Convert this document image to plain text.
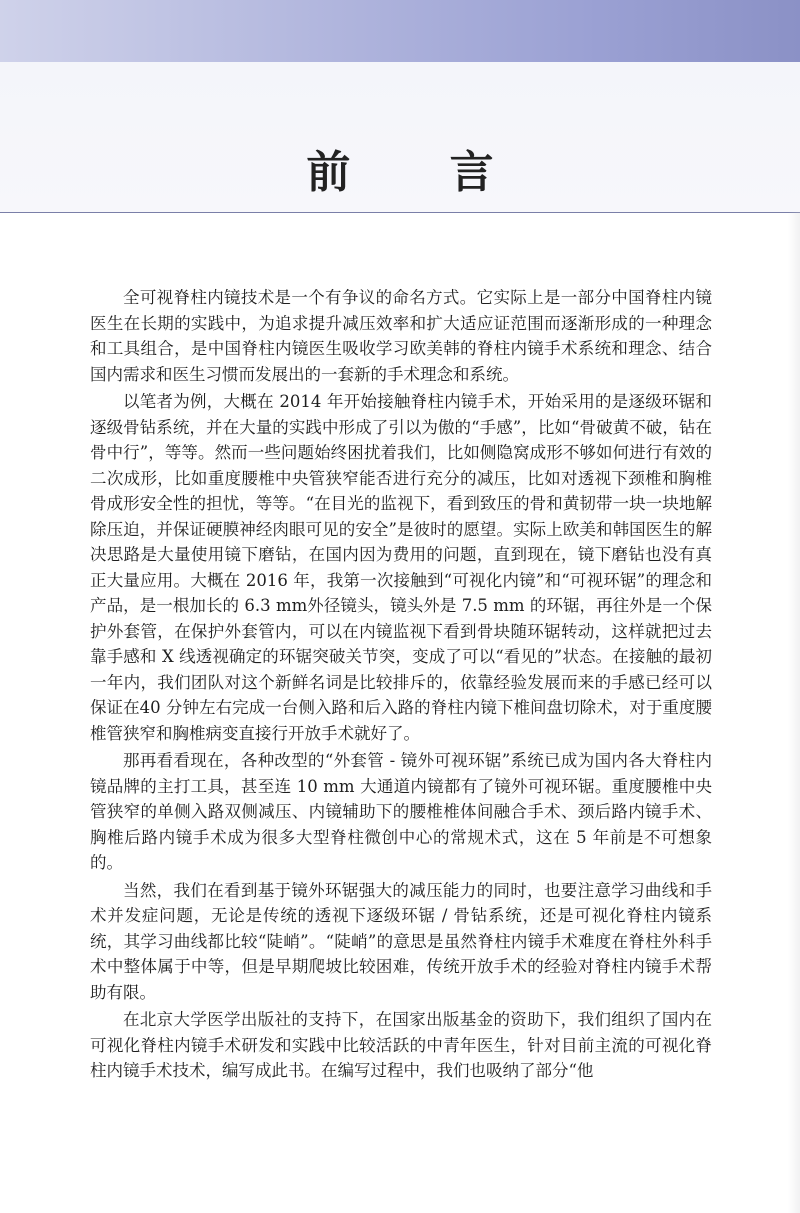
前 言

全可视脊柱内镜技术是一个有争议的命名方式。它实际上是一部分中国脊柱内镜医生在长期的实践中，为追求提升减压效率和扩大适应证范围而逐渐形成的一种理念和工具组合，是中国脊柱内镜医生吸收学习欧美韩的脊柱内镜手术系统和理念、结合国内需求和医生习惯而发展出的一套新的手术理念和系统。

以笔者为例，大概在 2014 年开始接触脊柱内镜手术，开始采用的是逐级环锯和逐级骨钻系统，并在大量的实践中形成了引以为傲的“手感”，比如“骨破黄不破，钻在骨中行”，等等。然而一些问题始终困扰着我们，比如侧隐窝成形不够如何进行有效的二次成形，比如重度腰椎中央管狭窄能否进行充分的减压，比如对透视下颈椎和胸椎骨成形安全性的担忧，等等。“在目光的监视下，看到致压的骨和黄韧带一块一块地解除压迫，并保证硬膜神经肉眼可见的安全”是彼时的愿望。实际上欧美和韩国医生的解决思路是大量使用镜下磨钻，在国内因为费用的问题，直到现在，镜下磨钻也没有真正大量应用。大概在 2016 年，我第一次接触到“可视化内镜”和“可视环锯”的理念和产品，是一根加长的 6.3 mm外径镜头，镜头外是 7.5 mm 的环锯，再往外是一个保护外套管，在保护外套管内，可以在内镜监视下看到骨块随环锯转动，这样就把过去靠手感和 X 线透视确定的环锯突破关节突，变成了可以“看见的”状态。在接触的最初一年内，我们团队对这个新鲜名词是比较排斥的，依靠经验发展而来的手感已经可以保证在40 分钟左右完成一台侧入路和后入路的脊柱内镜下椎间盘切除术，对于重度腰椎管狭窄和胸椎病变直接行开放手术就好了。

那再看看现在，各种改型的“外套管 - 镜外可视环锯”系统已成为国内各大脊柱内镜品牌的主打工具，甚至连 10 mm 大通道内镜都有了镜外可视环锯。重度腰椎中央管狭窄的单侧入路双侧减压、内镜辅助下的腰椎椎体间融合手术、颈后路内镜手术、胸椎后路内镜手术成为很多大型脊柱微创中心的常规术式，这在 5 年前是不可想象的。

当然，我们在看到基于镜外环锯强大的减压能力的同时，也要注意学习曲线和手术并发症问题，无论是传统的透视下逐级环锯 / 骨钻系统，还是可视化脊柱内镜系统，其学习曲线都比较“陡峭”。“陡峭”的意思是虽然脊柱内镜手术难度在脊柱外科手术中整体属于中等，但是早期爬坡比较困难，传统开放手术的经验对脊柱内镜手术帮助有限。

在北京大学医学出版社的支持下，在国家出版基金的资助下，我们组织了国内在可视化脊柱内镜手术研发和实践中比较活跃的中青年医生，针对目前主流的可视化脊柱内镜手术技术，编写成此书。在编写过程中，我们也吸纳了部分“他
